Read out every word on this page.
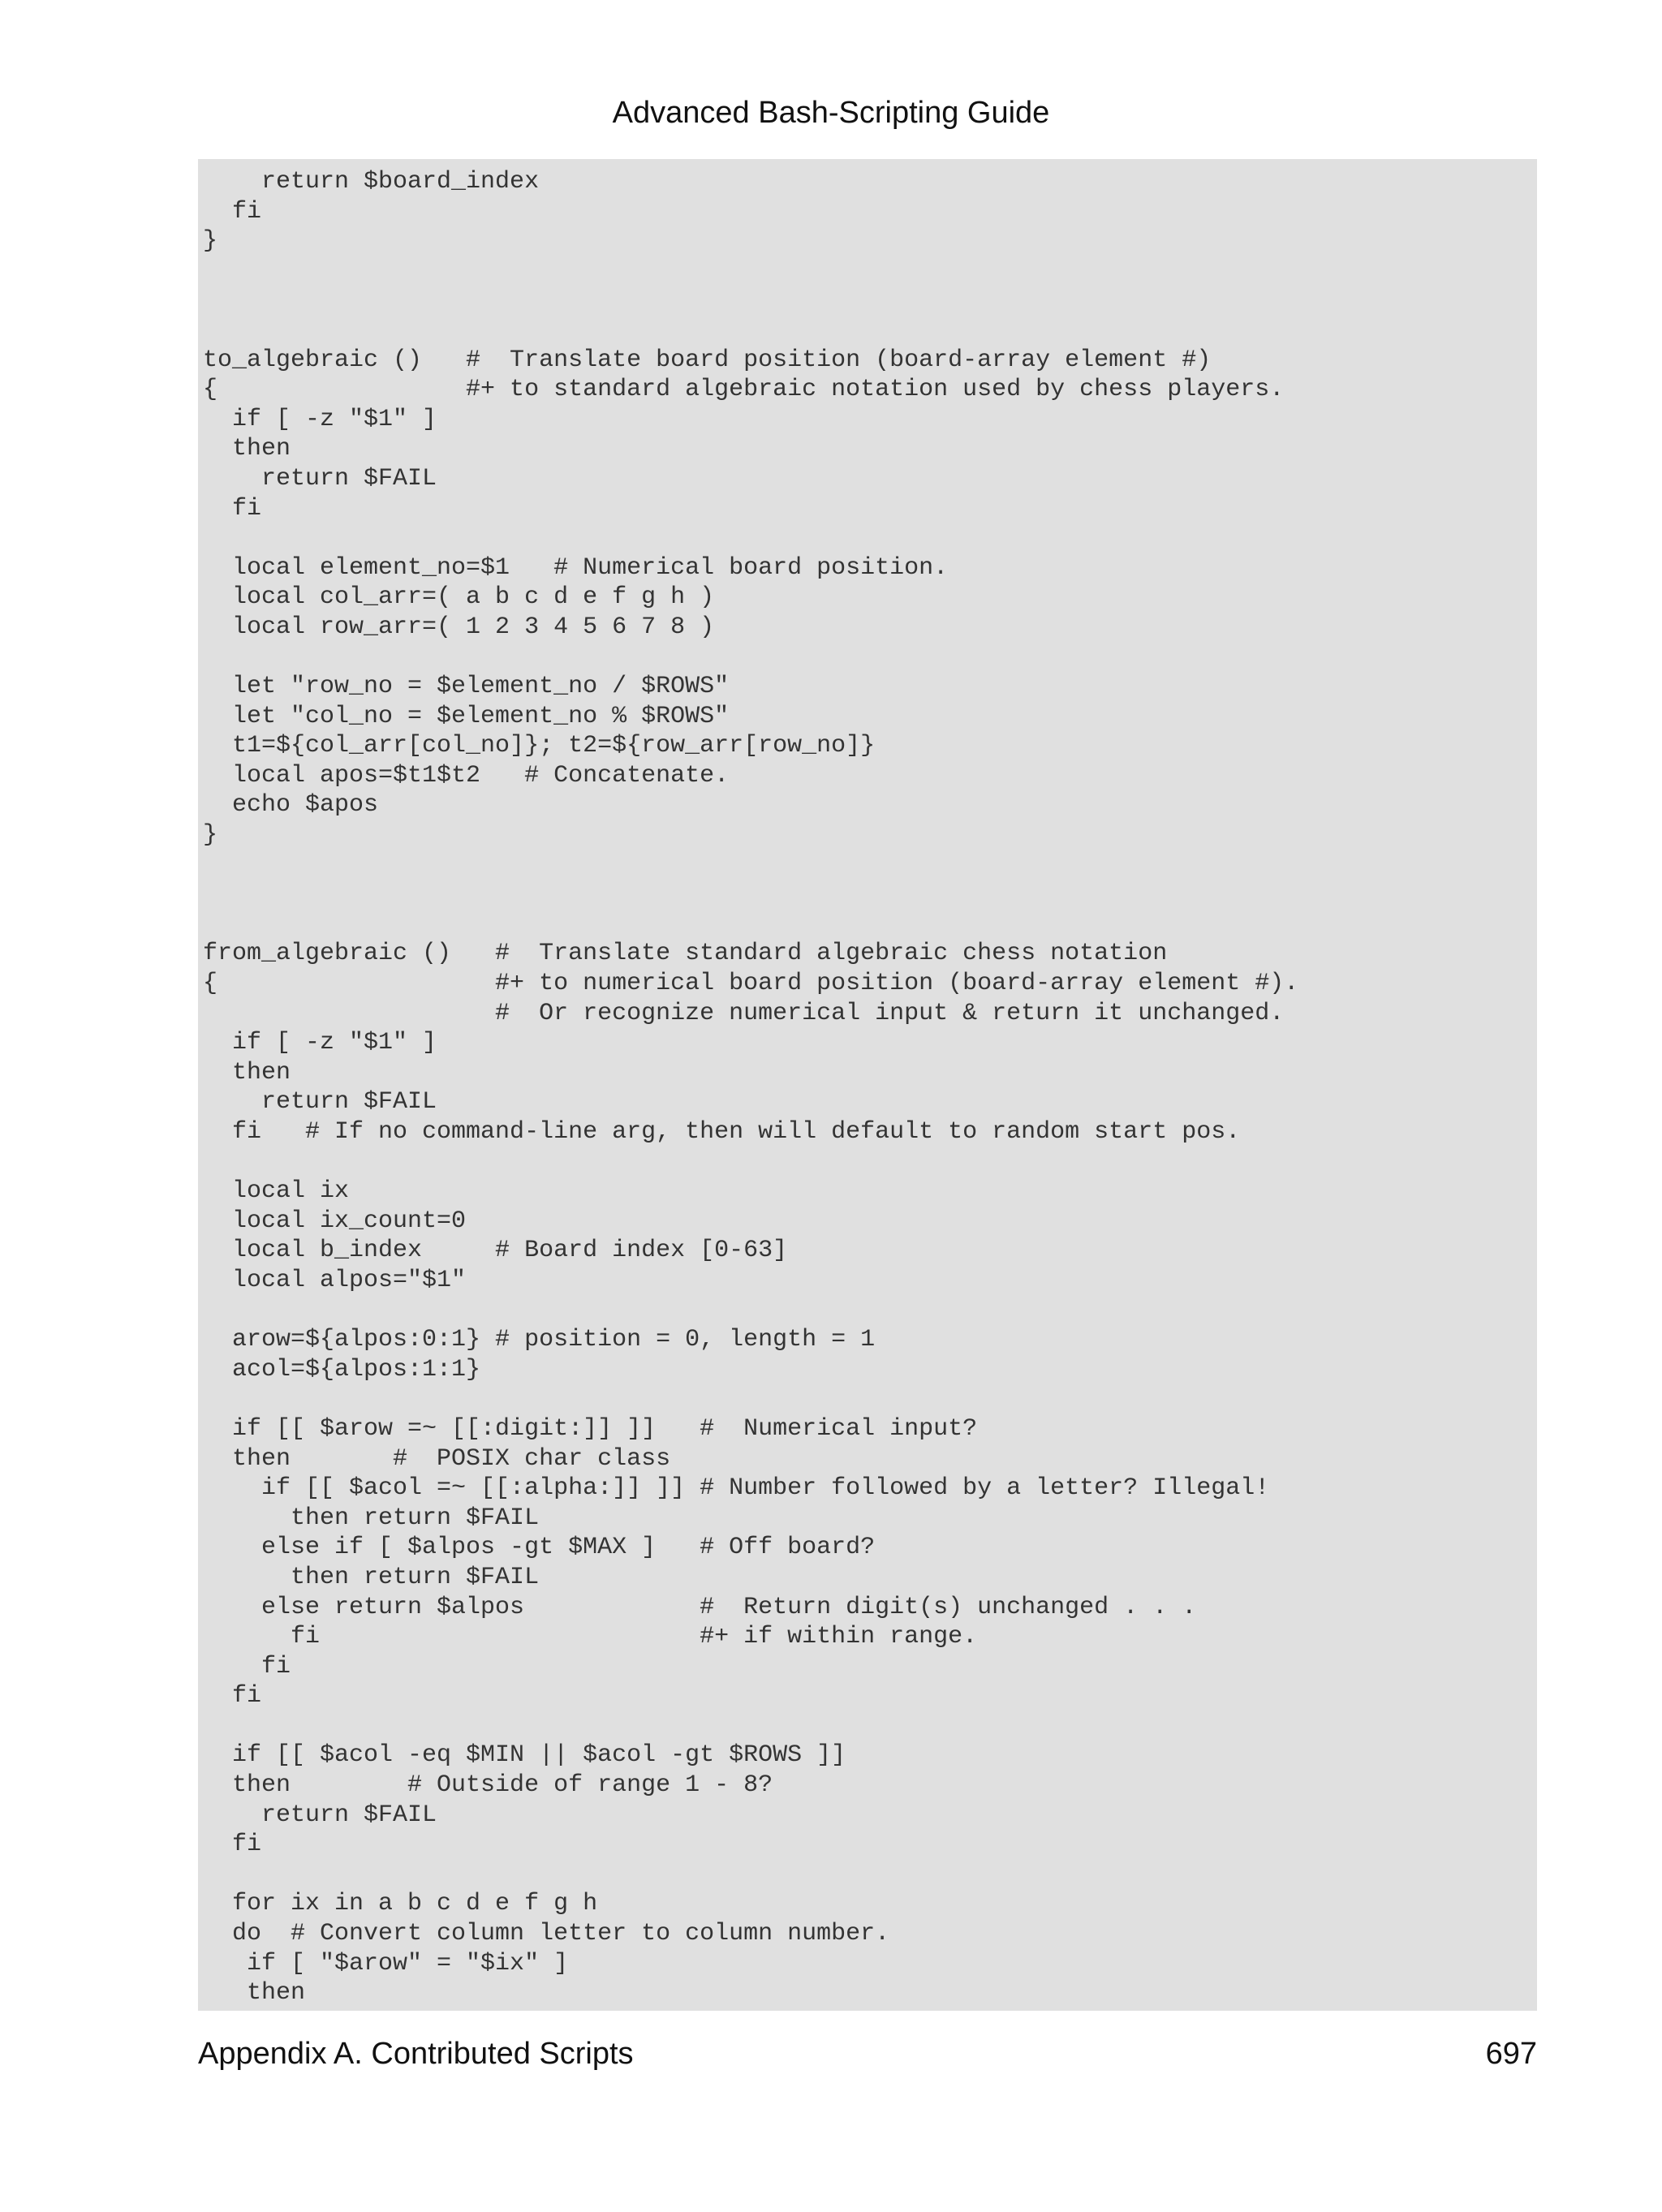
Advanced Bash-Scripting Guide
return $board_index
fi
}

to_algebraic ()   #  Translate board position (board-array element #)
{                 #+ to standard algebraic notation used by chess players.
if [ -z "$1" ]
then
return $FAIL
fi

local element_no=$1   # Numerical board position.
local col_arr=( a b c d e f g h )
local row_arr=( 1 2 3 4 5 6 7 8 )

let "row_no = $element_no / $ROWS"
let "col_no = $element_no % $ROWS"
t1=${col_arr[col_no]}; t2=${row_arr[row_no]}
local apos=$t1$t2   # Concatenate.
echo $apos
}

from_algebraic ()   #  Translate standard algebraic chess notation
{                   #+ to numerical board position (board-array element #).
#  Or recognize numerical input & return it unchanged.
if [ -z "$1" ]
then
return $FAIL
fi   # If no command-line arg, then will default to random start pos.

local ix
local ix_count=0
local b_index     # Board index [0-63]
local alpos="$1"

arow=${alpos:0:1} # position = 0, length = 1
acol=${alpos:1:1}

if [[ $arow =~ [[:digit:]] ]]   #  Numerical input?
then       #  POSIX char class
if [[ $acol =~ [[:alpha:]] ]] # Number followed by a letter? Illegal!
then return $FAIL
else if [ $alpos -gt $MAX ]   # Off board?
then return $FAIL
else return $alpos            #  Return digit(s) unchanged . . .
fi                          #+ if within range.
fi
fi

if [[ $acol -eq $MIN || $acol -gt $ROWS ]]
then        # Outside of range 1 - 8?
return $FAIL
fi

for ix in a b c d e f g h
do  # Convert column letter to column number.
if [ "$arow" = "$ix" ]
then
Appendix A. Contributed Scripts	697
